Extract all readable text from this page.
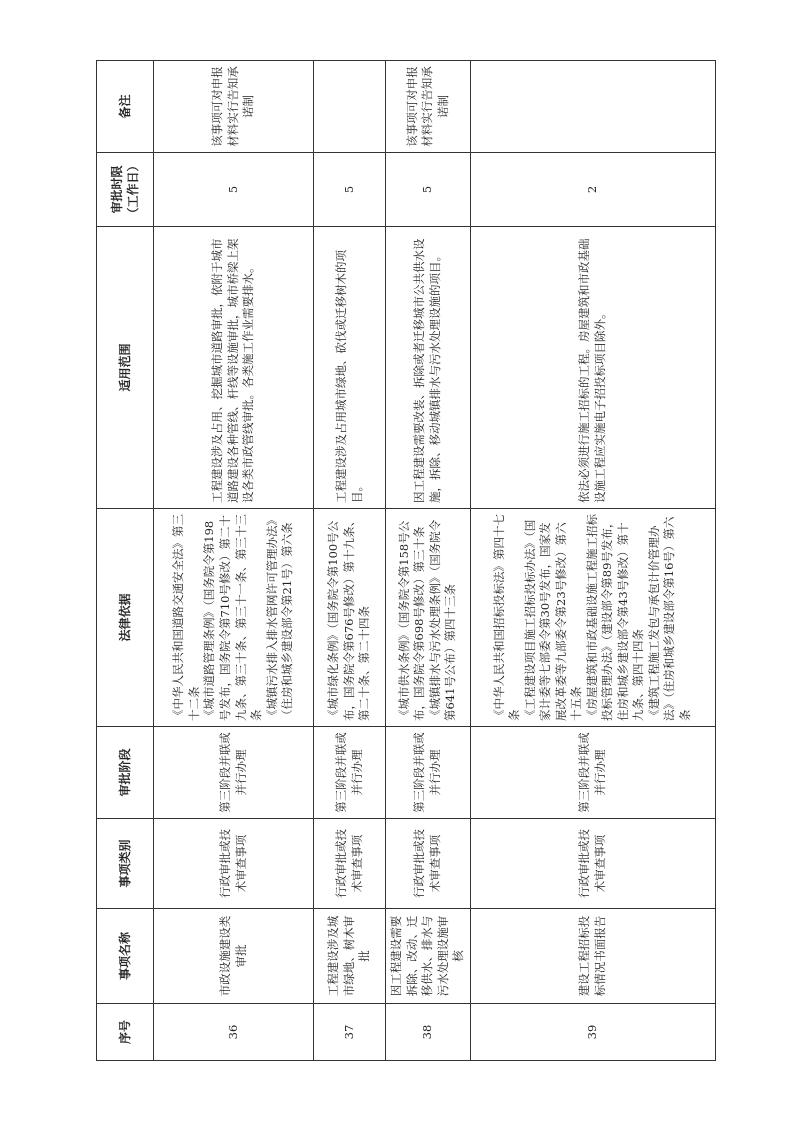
序号	事项名称	事项类别	审批阶段	法律依据	适用范围	审批时限（工作日）	备注
36	市政设施建设类审批	行政审批或技术审查事项	第三阶段并联或并行办理	《中华人民共和国道路交通安全法》第三十二条 《城市道路管理条例》（国务院令第198号发布，国务院令第710号修改）第二十九条、第三十条、第三十一条、第三十三条 《城镇污水排入排水管网许可管理办法》（住房和城乡建设部令第21号）第六条	工程建设涉及占用、挖掘城市道路审批，依附于城市道路建设各种管线、杆线等设施审批，城市桥梁上架设各类市政管线审批。各类施工作业需要排水。	5	该事项可对申报材料实行告知承诺制
37	工程建设涉及城市绿地、树木审批	行政审批或技术审查事项	第三阶段并联或并行办理	《城市绿化条例》（国务院令第100号公布，国务院令第676号修改）第十九条、第二十条、第二十四条	工程建设涉及占用城市绿地、砍伐或迁移树木的项目。	5	
38	因工程建设需要拆除、改动、迁移供水、排水与污水处理设施审核	行政审批或技术审查事项	第三阶段并联或并行办理	《城市供水条例》（国务院令第158号公布，国务院令第698号修改）第三十条 《城镇排水与污水处理条例》（国务院令第641号公布）第四十三条	因工程建设需要改装、拆除或者迁移城市公共供水设施，拆除、移动城镇排水与污水处理设施的项目。	5	该事项可对申报材料实行告知承诺制
39	建设工程招标投标情况书面报告	行政审批或技术审查事项	第三阶段并联或并行办理	《中华人民共和国招标投标法》第四十七条 《工程建设项目施工招标投标办法》（国家计委等七部委令第30号发布，国家发展改革委等九部委令第23号修改）第六十五条 《房屋建筑和市政基础设施工程施工招标投标管理办法》（建设部令第89号发布，住房和城乡建设部令第43号修改）第十九条、第四十四条 《建筑工程施工发包与承包计价管理办法》（住房和城乡建设部令第16号）第六条	依法必须进行施工招标的工程。房屋建筑和市政基础设施工程应实施电子招投标项目除外。	2	
